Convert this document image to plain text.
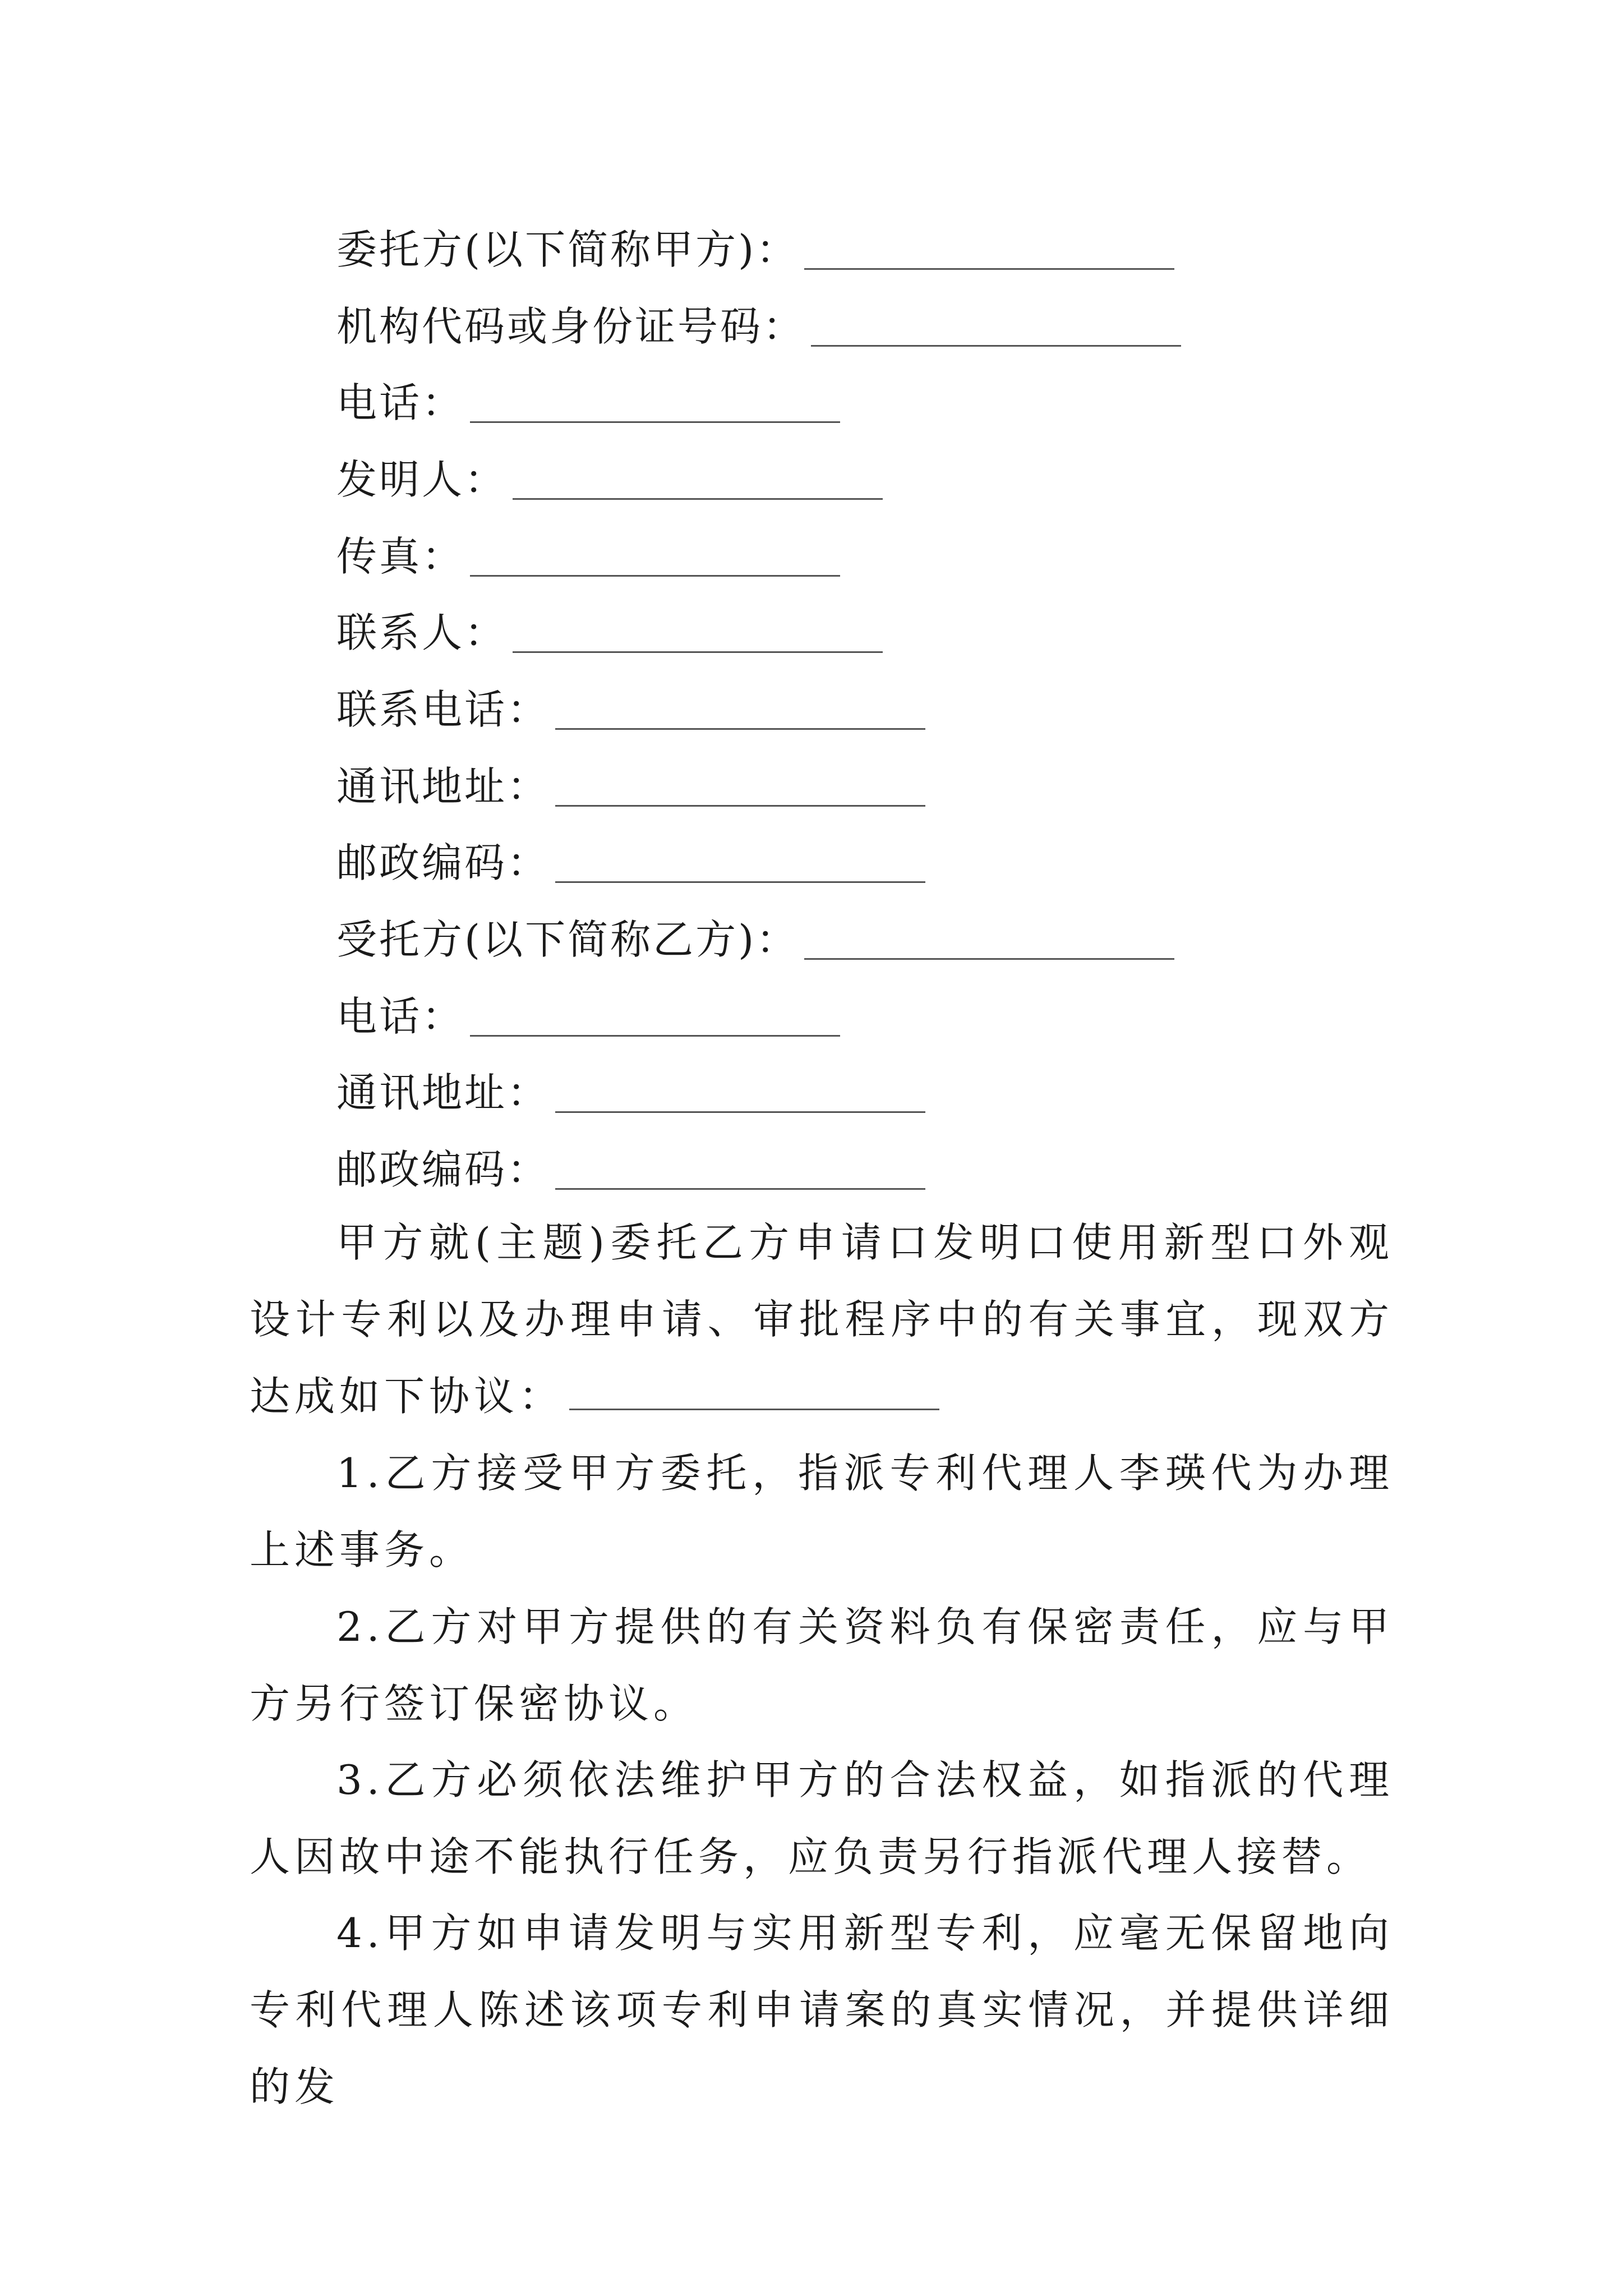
委托方(以下简称甲方)：
机构代码或身份证号码：
电话：
发明人：
传真：
联系人：
联系电话：
通讯地址：
邮政编码：
受托方(以下简称乙方)：
电话：
通讯地址：
邮政编码：

甲方就(主题)委托乙方申请口发明口使用新型口外观设计专利以及办理申请、审批程序中的有关事宜，现双方达成如下协议：

1.乙方接受甲方委托，指派专利代理人李瑛代为办理上述事务。

2.乙方对甲方提供的有关资料负有保密责任，应与甲方另行签订保密协议。

3.乙方必须依法维护甲方的合法权益，如指派的代理人因故中途不能执行任务，应负责另行指派代理人接替。

4.甲方如申请发明与实用新型专利，应毫无保留地向专利代理人陈述该项专利申请案的真实情况，并提供详细的发
